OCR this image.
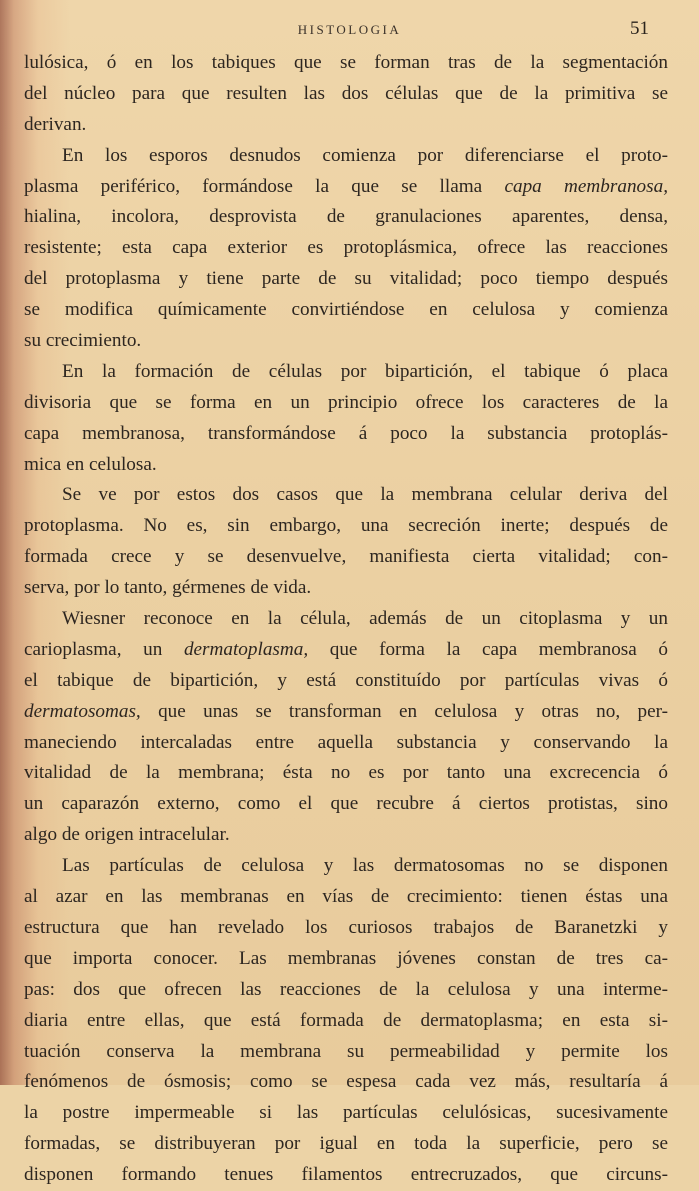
HISTOLOGIA	51
lulósica, ó en los tabiques que se forman tras de la segmentación
del núcleo para que resulten las dos células que de la primitiva se
derivan.
En los esporos desnudos comienza por diferenciarse el proto-
plasma periférico, formándose la que se llama capa membranosa,
hialina, incolora, desprovista de granulaciones aparentes, densa,
resistente; esta capa exterior es protoplásmica, ofrece las reacciones
del protoplasma y tiene parte de su vitalidad; poco tiempo después
se modifica químicamente convirtiéndose en celulosa y comienza
su crecimiento.
En la formación de células por bipartición, el tabique ó placa
divisoria que se forma en un principio ofrece los caracteres de la
capa membranosa, transformándose á poco la substancia protoplás-
mica en celulosa.
Se ve por estos dos casos que la membrana celular deriva del
protoplasma. No es, sin embargo, una secreción inerte; después de
formada crece y se desenvuelve, manifiesta cierta vitalidad; con-
serva, por lo tanto, gérmenes de vida.
Wiesner reconoce en la célula, además de un citoplasma y un
carioplasma, un dermatoplasma, que forma la capa membranosa ó
el tabique de bipartición, y está constituído por partículas vivas ó
dermatosomas, que unas se transforman en celulosa y otras no, per-
maneciendo intercaladas entre aquella substancia y conservando la
vitalidad de la membrana; ésta no es por tanto una excrecencia ó
un caparazón externo, como el que recubre á ciertos protistas, sino
algo de origen intracelular.
Las partículas de celulosa y las dermatosomas no se disponen
al azar en las membranas en vías de crecimiento: tienen éstas una
estructura que han revelado los curiosos trabajos de Baranetzki y
que importa conocer. Las membranas jóvenes constan de tres ca-
pas: dos que ofrecen las reacciones de la celulosa y una interme-
diaria entre ellas, que está formada de dermatoplasma; en esta si-
tuación conserva la membrana su permeabilidad y permite los
fenómenos de ósmosis; como se espesa cada vez más, resultaría á
la postre impermeable si las partículas celulósicas, sucesivamente
formadas, se distribuyeran por igual en toda la superficie, pero se
disponen formando tenues filamentos entrecruzados, que circuns-
